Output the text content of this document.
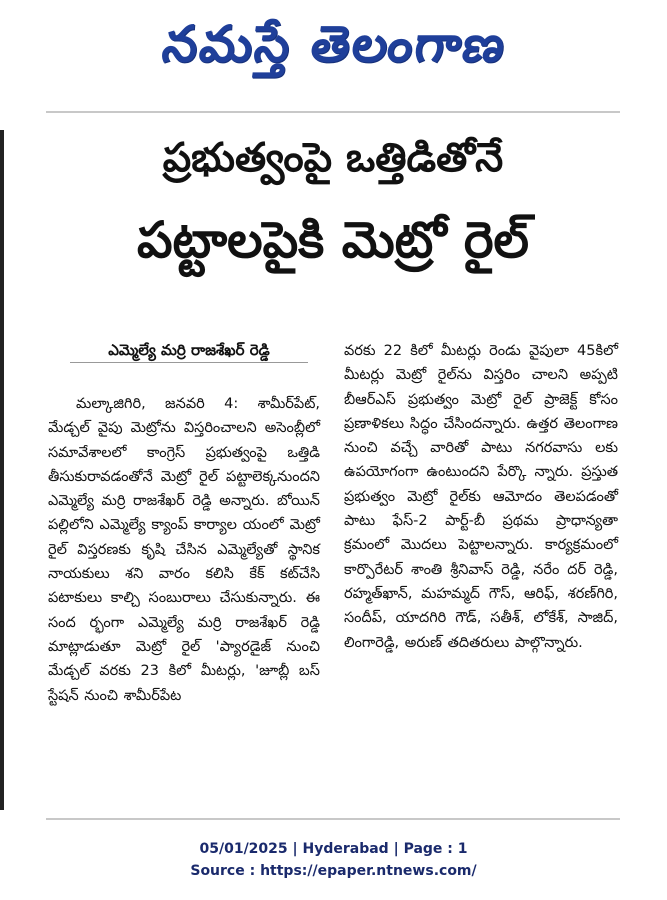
నమస్తే తెలంగాణ
ప్రభుత్వంపై ఒత్తిడితోనే
పట్టాలపైకి మెట్రో రైల్
ఎమ్మెల్యే మర్రి రాజశేఖర్ రెడ్డి
మల్కాజిగిరి, జనవరి 4: శామీర్‌పేట్, మేడ్చల్ వైపు మెట్రోను విస్తరించాలని అసెంబ్లీలో సమావేశాలలో కాంగ్రెస్ ప్రభుత్వంపై ఒత్తిడి తీసుకురావడంతోనే మెట్రో రైల్ పట్టాలెక్కనుందని ఎమ్మెల్యే మర్రి రాజశేఖర్ రెడ్డి అన్నారు. బోయిన్ పల్లిలోని ఎమ్మెల్యే క్యాంప్ కార్యాల యంలో మెట్రో రైల్ విస్తరణకు కృషి చేసిన ఎమ్మెల్యేతో స్థానిక నాయకులు శని వారం కలిసి కేక్ కట్‌చేసి పటాకులు కాల్చి సంబురాలు చేసుకున్నారు. ఈ సంద ర్భంగా ఎమ్మెల్యే మర్రి రాజశేఖర్ రెడ్డి మాట్లాడుతూ మెట్రో రైల్ 'ప్యారడైజ్ నుంచి మేడ్చల్ వరకు 23 కిలో మీటర్లు, 'జూబ్లీ బస్ స్టేషన్ నుంచి శామీర్‌పేట
వరకు 22 కిలో మీటర్లు రెండు వైపులా 45కిలో మీటర్లు మెట్రో రైల్‌ను విస్తరిం చాలని అప్పటి బీఆర్‌ఎస్ ప్రభుత్వం మెట్రో రైల్ ప్రాజెక్ట్ కోసం ప్రణాళికలు సిద్ధం చేసిందన్నారు. ఉత్తర తెలంగాణ నుంచి వచ్చే వారితో పాటు నగరవాసు లకు ఉపయోగంగా ఉంటుందని పేర్కొ న్నారు. ప్రస్తుత ప్రభుత్వం మెట్రో రైల్‌కు ఆమోదం తెలపడంతో పాటు ఫేస్-2 పార్ట్-బీ ప్రథమ ప్రాధాన్యతా క్రమంలో మొదలు పెట్టాలన్నారు. కార్యక్రమంలో కార్పొరేటర్ శాంతి శ్రీనివాస్ రెడ్డి, నరేం దర్ రెడ్డి, రహ్మత్‌ఖాన్, మహమ్మద్ గౌస్, ఆరిఫ్, శరణ్‌గిరి, సందీప్, యాదగిరి గౌడ్, సతీశ్, లోకేశ్, సాజిద్, లింగారెడ్డి, అరుణ్ తదితరులు పాల్గొన్నారు.
05/01/2025 | Hyderabad | Page : 1
Source : https://epaper.ntnews.com/
